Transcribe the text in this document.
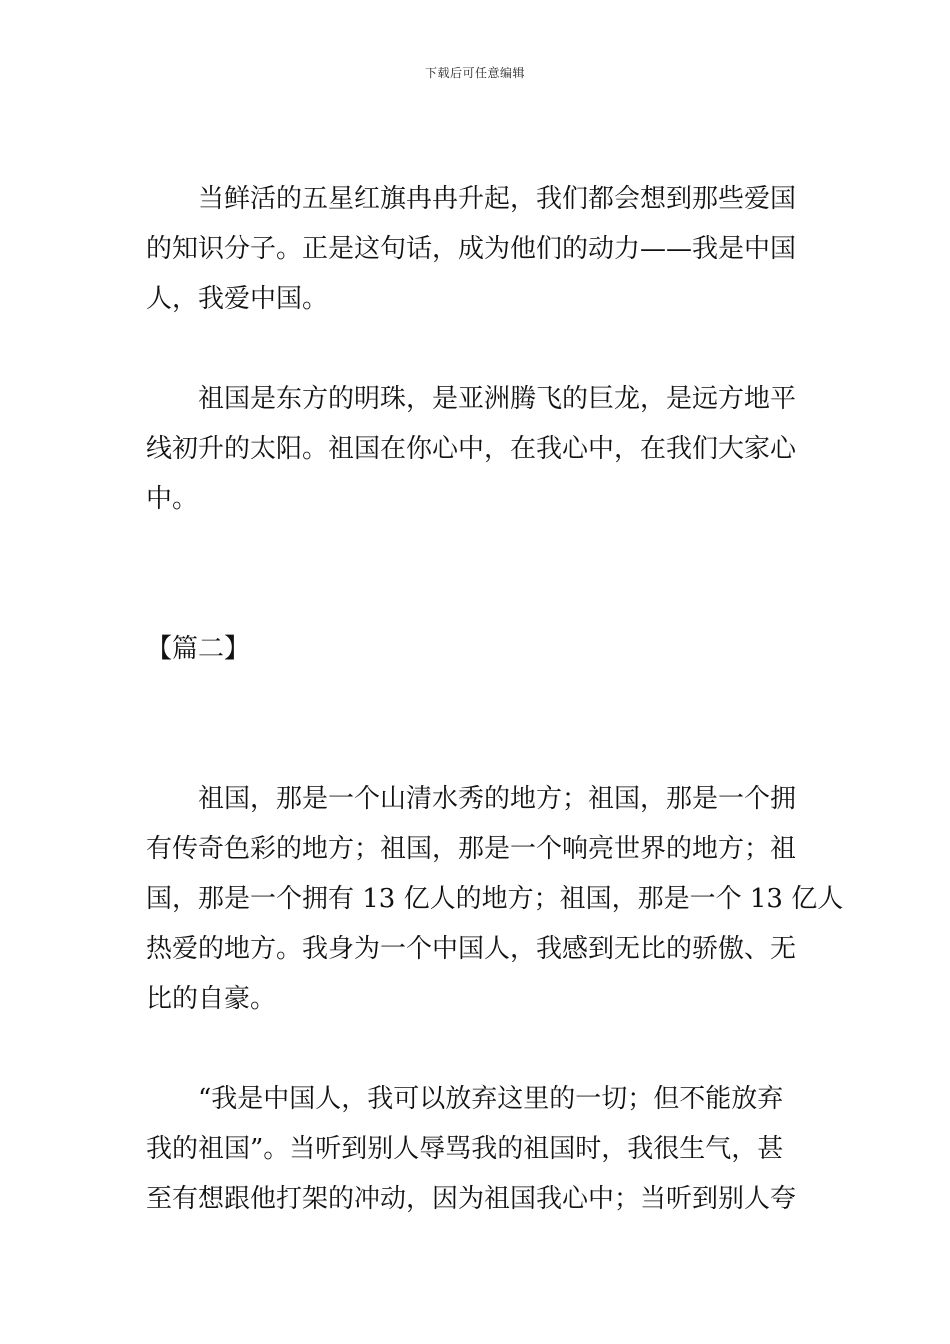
下载后可任意编辑
当鲜活的五星红旗冉冉升起，我们都会想到那些爱国
的知识分子。正是这句话，成为他们的动力——我是中国
人，我爱中国。
祖国是东方的明珠，是亚洲腾飞的巨龙，是远方地平
线初升的太阳。祖国在你心中，在我心中，在我们大家心
中。
【篇二】
祖国，那是一个山清水秀的地方；祖国，那是一个拥
有传奇色彩的地方；祖国，那是一个响亮世界的地方；祖
国，那是一个拥有 13 亿人的地方；祖国，那是一个 13 亿人
热爱的地方。我身为一个中国人，我感到无比的骄傲、无
比的自豪。
“我是中国人，我可以放弃这里的一切；但不能放弃
我的祖国”。当听到别人辱骂我的祖国时，我很生气，甚
至有想跟他打架的冲动，因为祖国我心中；当听到别人夸
